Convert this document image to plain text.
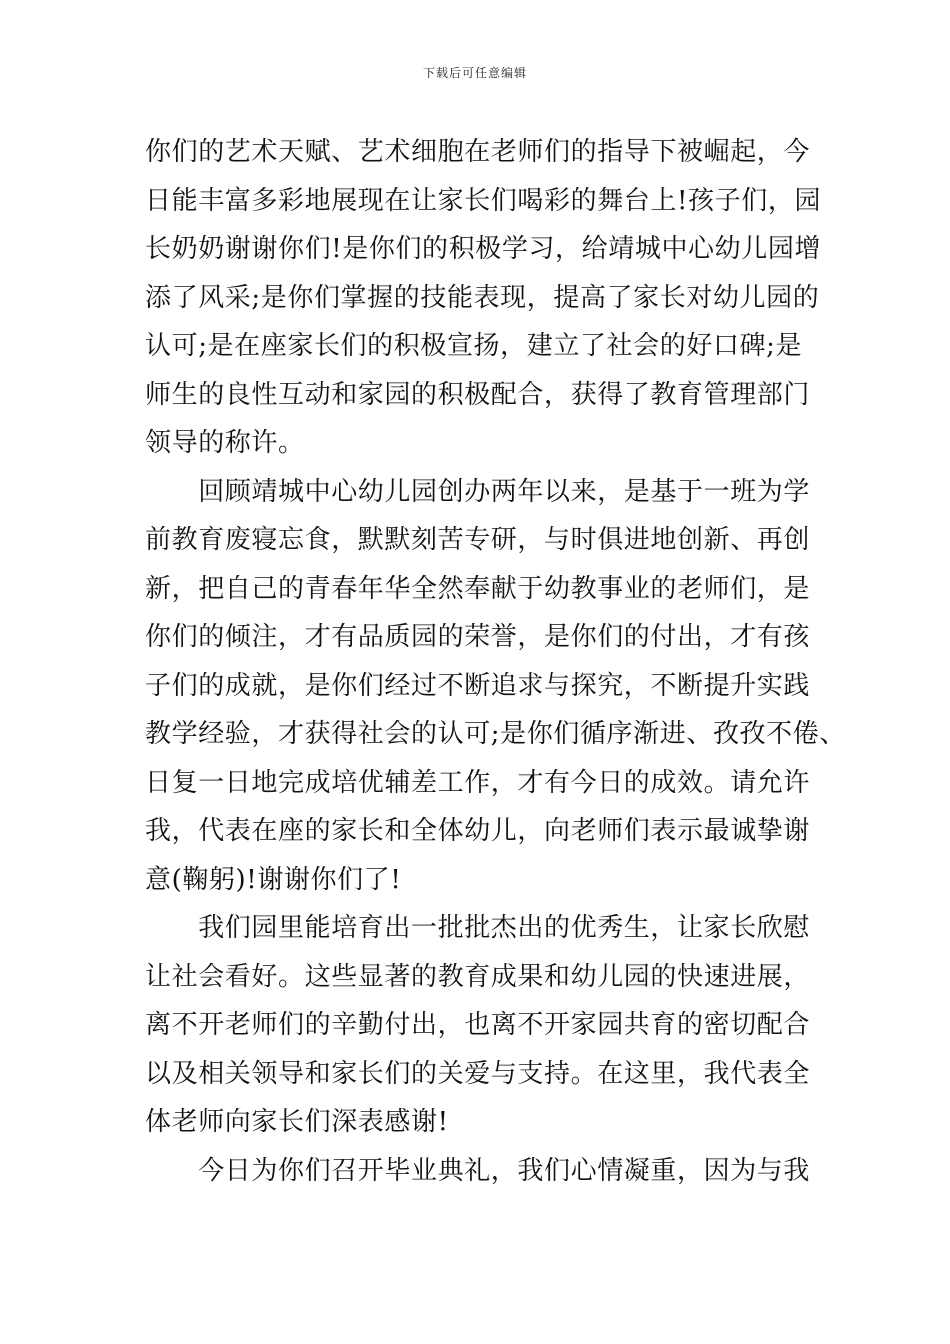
下载后可任意编辑
你们的艺术天赋、艺术细胞在老师们的指导下被崛起，今
日能丰富多彩地展现在让家长们喝彩的舞台上!孩子们，园
长奶奶谢谢你们!是你们的积极学习，给靖城中心幼儿园增
添了风采;是你们掌握的技能表现，提高了家长对幼儿园的
认可;是在座家长们的积极宣扬，建立了社会的好口碑;是
师生的良性互动和家园的积极配合，获得了教育管理部门
领导的称许。
　　回顾靖城中心幼儿园创办两年以来，是基于一班为学
前教育废寝忘食，默默刻苦专研，与时俱进地创新、再创
新，把自己的青春年华全然奉献于幼教事业的老师们，是
你们的倾注，才有品质园的荣誉，是你们的付出，才有孩
子们的成就，是你们经过不断追求与探究，不断提升实践
教学经验，才获得社会的认可;是你们循序渐进、孜孜不倦、
日复一日地完成培优辅差工作，才有今日的成效。请允许
我，代表在座的家长和全体幼儿，向老师们表示最诚挚谢
意(鞠躬)!谢谢你们了!
　　我们园里能培育出一批批杰出的优秀生，让家长欣慰
让社会看好。这些显著的教育成果和幼儿园的快速进展，
离不开老师们的辛勤付出，也离不开家园共育的密切配合
以及相关领导和家长们的关爱与支持。在这里，我代表全
体老师向家长们深表感谢!
　　今日为你们召开毕业典礼，我们心情凝重，因为与我
